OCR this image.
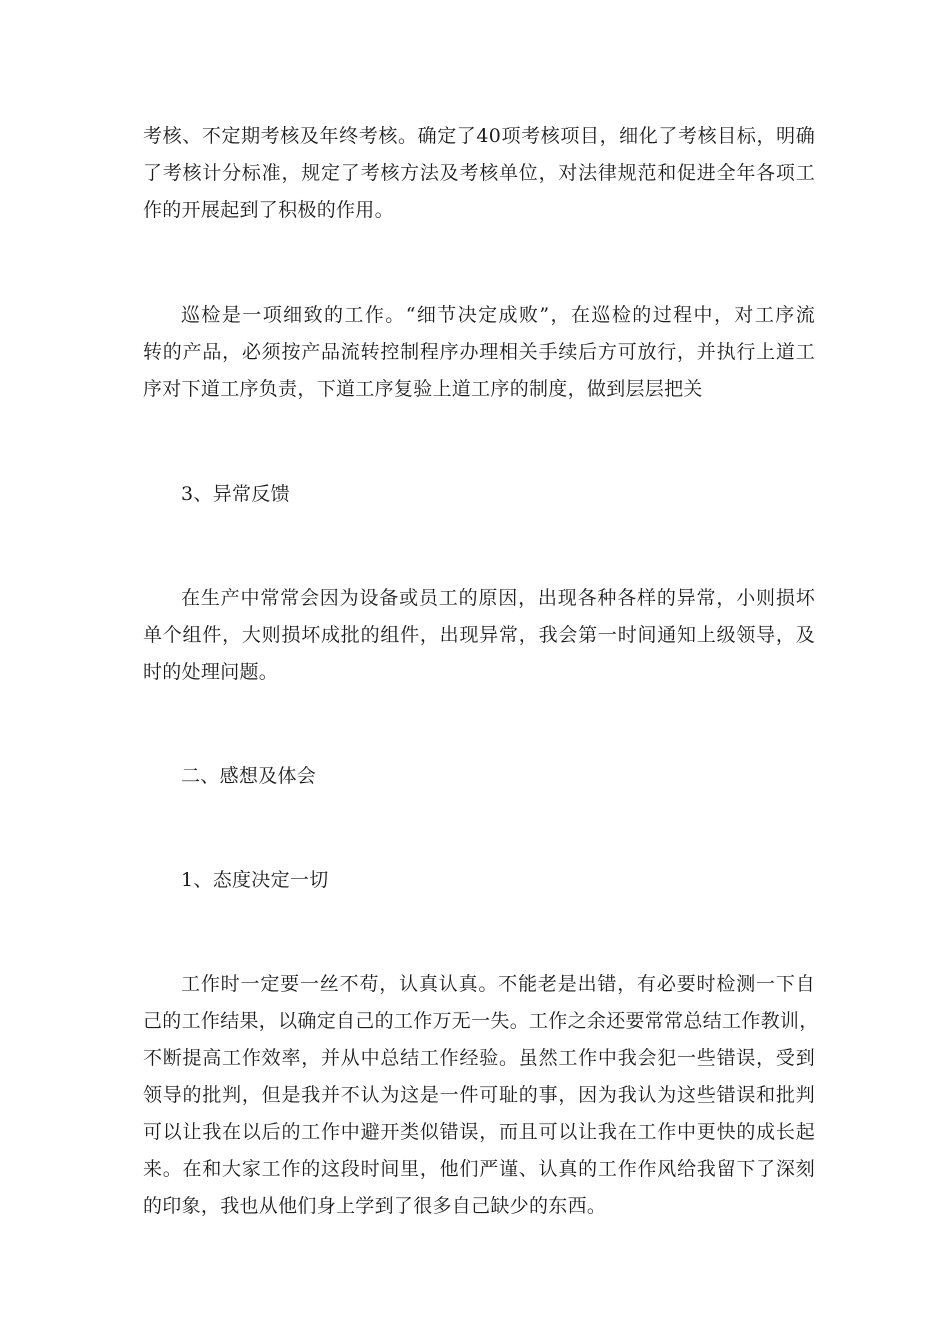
考核、不定期考核及年终考核。确定了40项考核项目，细化了考核目标，明确
了考核计分标准，规定了考核方法及考核单位，对法律规范和促进全年各项工
作的开展起到了积极的作用。
巡检是一项细致的工作。“细节决定成败”，在巡检的过程中，对工序流
转的产品，必须按产品流转控制程序办理相关手续后方可放行，并执行上道工
序对下道工序负责，下道工序复验上道工序的制度，做到层层把关
3、异常反馈
在生产中常常会因为设备或员工的原因，出现各种各样的异常，小则损坏
单个组件，大则损坏成批的组件，出现异常，我会第一时间通知上级领导，及
时的处理问题。
二、感想及体会
1、态度决定一切
工作时一定要一丝不苟，认真认真。不能老是出错，有必要时检测一下自
己的工作结果，以确定自己的工作万无一失。工作之余还要常常总结工作教训，
不断提高工作效率，并从中总结工作经验。虽然工作中我会犯一些错误，受到
领导的批判，但是我并不认为这是一件可耻的事，因为我认为这些错误和批判
可以让我在以后的工作中避开类似错误，而且可以让我在工作中更快的成长起
来。在和大家工作的这段时间里，他们严谨、认真的工作作风给我留下了深刻
的印象，我也从他们身上学到了很多自己缺少的东西。
